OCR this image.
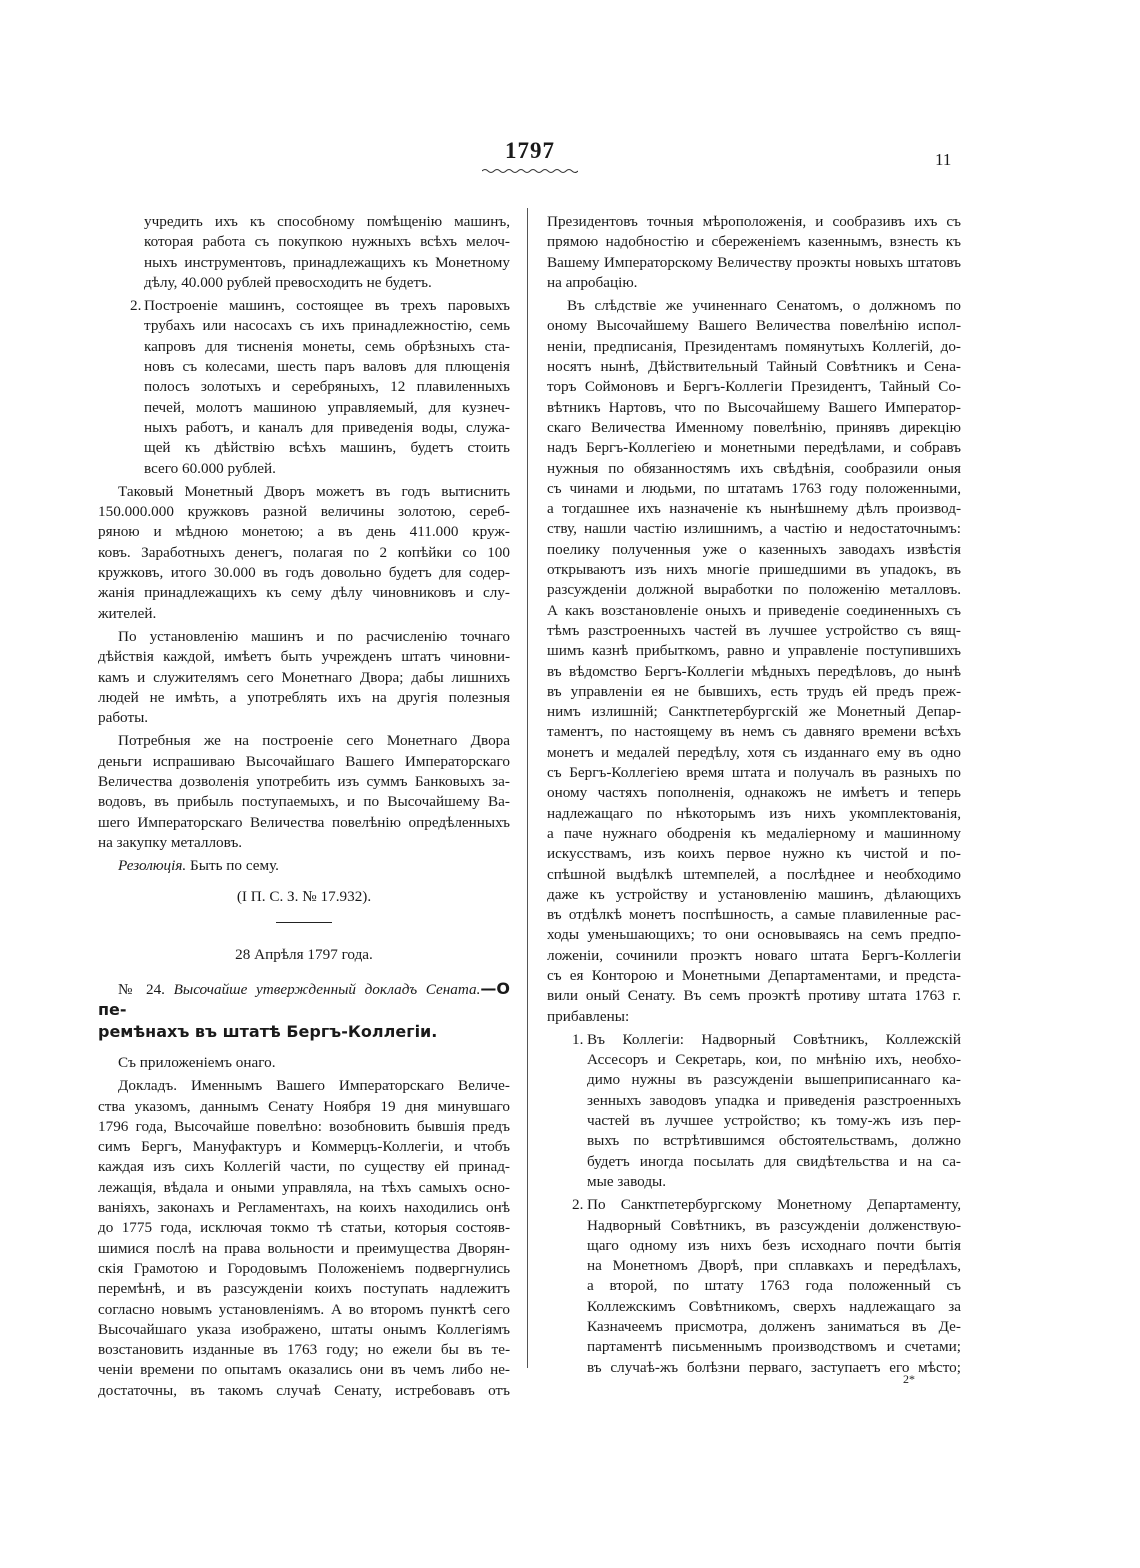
1797	11
учредить ихъ къ способному помѣщенію машинъ,
которая работа съ покупкою нужныхъ всѣхъ мелоч-
ныхъ инструментовъ, принадлежащихъ къ Монетному
дѣлу, 40.000 рублей превосходить не будетъ.
2. Построеніе машинъ, состоящее въ трехъ паровыхъ
трубахъ или насосахъ съ ихъ принадлежностію, семь
капровъ для тисненія монеты, семь обрѣзныхъ ста-
новъ съ колесами, шесть паръ валовъ для плющенія
полосъ золотыхъ и серебряныхъ, 12 плавиленныхъ
печей, молотъ машиною управляемый, для кузнеч-
ныхъ работъ, и каналъ для приведенія воды, служа-
щей къ дѣйствію всѣхъ машинъ, будетъ стоить
всего 60.000 рублей.
Таковый Монетный Дворъ можетъ въ годъ вытиснить
150.000.000 кружковъ разной величины золотою, сереб-
ряною и мѣдною монетою; а въ день 411.000 круж-
ковъ. Заработныхъ денегъ, полагая по 2 копѣйки со 100
кружковъ, итого 30.000 въ годъ довольно будетъ для содер-
жанія принадлежащихъ къ сему дѣлу чиновниковъ и слу-
жителей.
По установленію машинъ и по расчисленію точнаго
дѣйствія каждой, имѣетъ быть учрежденъ штатъ чиновни-
камъ и служителямъ сего Монетнаго Двора; дабы лишнихъ
людей не имѣть, а употреблять ихъ на другія полезныя
работы.
Потребныя же на построеніе сего Монетнаго Двора
деньги испрашиваю Высочайшаго Вашего Императорскаго
Величества дозволенія употребить изъ суммъ Банковыхъ за-
водовъ, въ прибыль поступаемыхъ, и по Высочайшему Ва-
шего Императорскаго Величества повелѣнію опредѣленныхъ
на закупку металловъ.
Резолюція. Быть по сему.
(I П. С. З. № 17.932).
28 Апрѣля 1797 года.
№ 24. Высочайше утвержденный докладъ Сената.—О пе-
ремѣнахъ въ штатѣ Бергъ-Коллегіи.
Съ приложеніемъ онаго.
Докладъ. Именнымъ Вашего Императорскаго Величе-
ства указомъ, даннымъ Сенату Ноября 19 дня минувшаго
1796 года, Высочайше повелѣно: возобновить бывшія предъ
симъ Бергъ, Мануфактуръ и Коммерцъ-Коллегіи, и чтобъ
каждая изъ сихъ Коллегій части, по существу ей принад-
лежащія, вѣдала и оными управляла, на тѣхъ самыхъ осно-
ваніяхъ, законахъ и Регламентахъ, на коихъ находились онѣ
до 1775 года, исключая токмо тѣ статьи, которыя состояв-
шимися послѣ на права вольности и преимущества Дворян-
скія Грамотою и Городовымъ Положеніемъ подвергнулись
перемѣнѣ, и въ разсужденіи коихъ поступать надлежитъ
согласно новымъ установленіямъ. А во второмъ пунктѣ сего
Высочайшаго указа изображено, штаты онымъ Коллегіямъ
возстановить изданные въ 1763 году; но ежели бы въ те-
ченіи времени по опытамъ оказались они въ чемъ либо не-
достаточны, въ такомъ случаѣ Сенату, истребовавъ отъ
Президентовъ точныя мѣроположенія, и сообразивъ ихъ съ
прямою надобностію и сбереженіемъ казеннымъ, взнесть къ
Вашему Императорскому Величеству проэкты новыхъ штатовъ
на апробацію.
Въ слѣдствіе же учиненнаго Сенатомъ, о должномъ по
оному Высочайшему Вашего Величества повелѣнію испол-
неніи, предписанія, Президентамъ помянутыхъ Коллегій, до-
носятъ нынѣ, Дѣйствительный Тайный Совѣтникъ и Сена-
торъ Соймоновъ и Бергъ-Коллегіи Президентъ, Тайный Со-
вѣтникъ Нартовъ, что по Высочайшему Вашего Император-
скаго Величества Именному повелѣнію, принявъ дирекцію
надъ Бергъ-Коллегіею и монетными передѣлами, и собравъ
нужныя по обязанностямъ ихъ свѣдѣнія, сообразили оныя
съ чинами и людьми, по штатамъ 1763 году положенными,
а тогдашнее ихъ назначеніе къ нынѣшнему дѣлъ производ-
ству, нашли частію излишнимъ, а частію и недостаточнымъ:
поелику полученныя уже о казенныхъ заводахъ извѣстія
открываютъ изъ нихъ многіе пришедшими въ упадокъ, въ
разсужденіи должной выработки по положенію металловъ.
А какъ возстановленіе оныхъ и приведеніе соединенныхъ съ
тѣмъ разстроенныхъ частей въ лучшее устройство съ вящ-
шимъ казнѣ прибыткомъ, равно и управленіе поступившихъ
въ вѣдомство Бергъ-Коллегіи мѣдныхъ передѣловъ, до нынѣ
въ управленіи ея не бывшихъ, есть трудъ ей предъ преж-
нимъ излишній; Санктпетербургскій же Монетный Депар-
таментъ, по настоящему въ немъ съ давняго времени всѣхъ
монетъ и медалей передѣлу, хотя съ изданнаго ему въ одно
съ Бергъ-Коллегіею время штата и получалъ въ разныхъ по
оному частяхъ пополненія, однакожъ не имѣетъ и теперь
надлежащаго по нѣкоторымъ изъ нихъ укомплектованія,
а паче нужнаго ободренія къ медаліерному и машинному
искусствамъ, изъ коихъ первое нужно къ чистой и по-
спѣшной выдѣлкѣ штемпелей, а послѣднее и необходимо
даже къ устройству и установленію машинъ, дѣлающихъ
въ отдѣлкѣ монетъ поспѣшность, а самые плавиленные рас-
ходы уменьшающихъ; то они основываясь на семъ предпо-
ложеніи, сочинили проэктъ новаго штата Бергъ-Коллегіи
съ ея Конторою и Монетными Департаментами, и предста-
вили оный Сенату. Въ семъ проэктѣ противу штата 1763 г.
прибавлены:
1. Въ Коллегіи: Надворный Совѣтникъ, Коллежскій
Ассесоръ и Секретарь, кои, по мнѣнію ихъ, необхо-
димо нужны въ разсужденіи вышеприписаннаго ка-
зенныхъ заводовъ упадка и приведенія разстроенныхъ
частей въ лучшее устройство; къ тому-жъ изъ пер-
выхъ по встрѣтившимся обстоятельствамъ, должно
будетъ иногда посылать для свидѣтельства и на са-
мые заводы.
2. По Санктпетербургскому Монетному Департаменту,
Надворный Совѣтникъ, въ разсужденіи долженствую-
щаго одному изъ нихъ безъ исходнаго почти бытія
на Монетномъ Дворѣ, при сплавкахъ и передѣлахъ,
а второй, по штату 1763 года положенный съ
Коллежскимъ Совѣтникомъ, сверхъ надлежащаго за
Казначеемъ присмотра, долженъ заниматься въ Де-
партаментѣ письменнымъ производствомъ и счетами;
въ случаѣ-жъ болѣзни перваго, заступаетъ его мѣсто;
2*
